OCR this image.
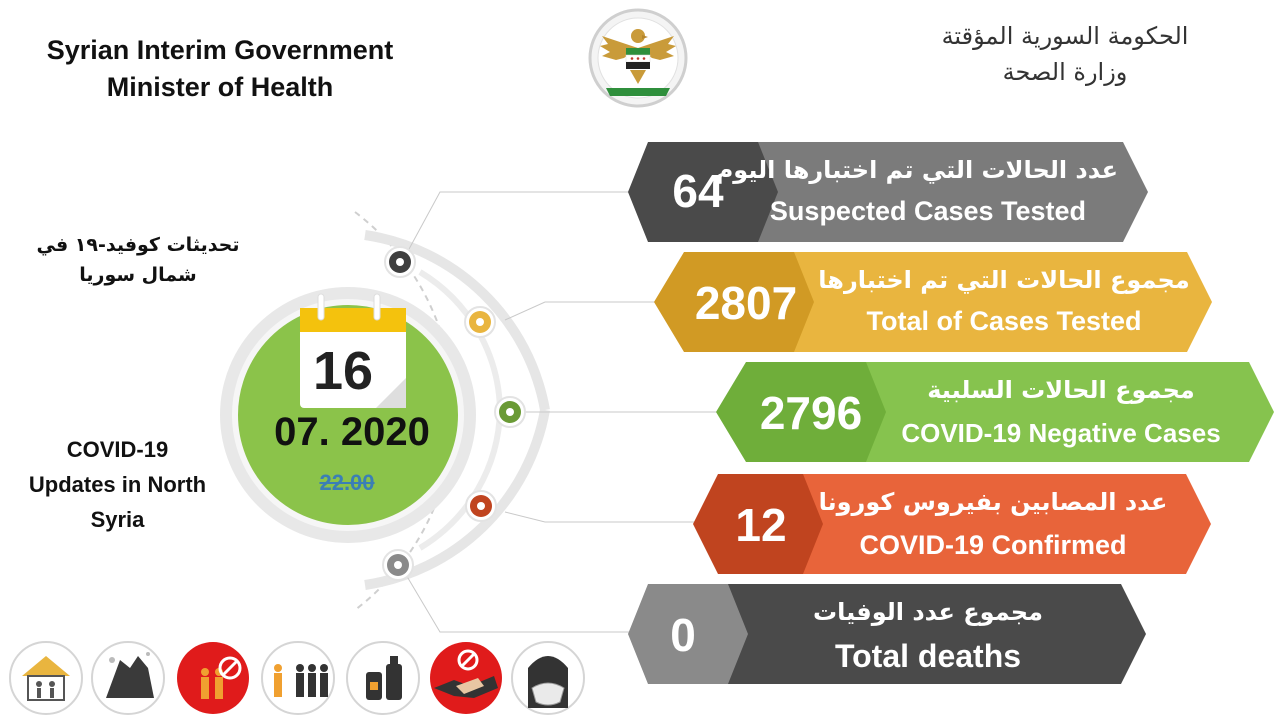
Syrian Interim Government
Minister of Health
الحكومة السورية المؤقتة
وزارة الصحة
تحديثات كوفيد-١٩ في
شمال سوريا
COVID-19
Updates in North
Syria
16
07. 2020
22.00
64
عدد الحالات التي تم اختبارها اليوم
Suspected Cases Tested
2807 مجموع الحالات التي تم اختبارها
Total of Cases Tested
2796	مجموع الحالات السلبية
COVID-19 Negative Cases
12	عدد المصابين بفيروس كورونا
COVID-19 Confirmed
0	مجموع عدد الوفيات
Total deaths
